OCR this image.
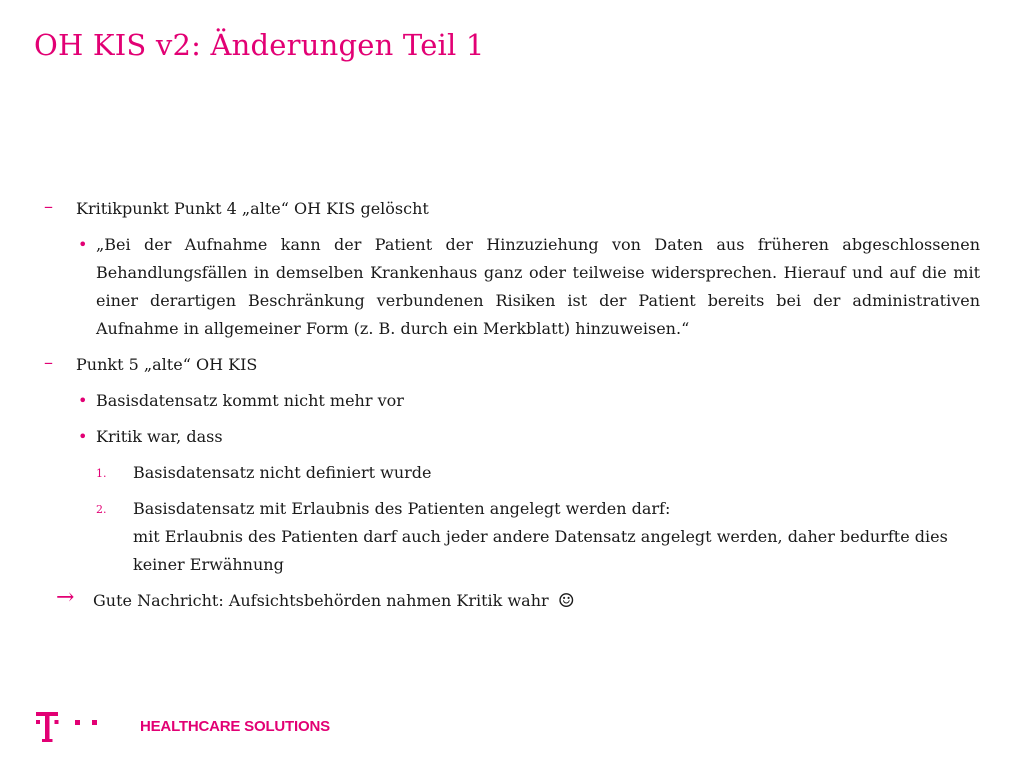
OH KIS v2: Änderungen Teil 1
– Kritikpunkt Punkt 4 „alte“ OH KIS gelöscht
• „Bei der Aufnahme kann der Patient der Hinzuziehung von Daten aus früheren abgeschlossenen Behandlungsfällen in demselben Krankenhaus ganz oder teilweise widersprechen. Hierauf und auf die mit einer derartigen Beschränkung verbundenen Risiken ist der Patient bereits bei der administrativen Aufnahme in allgemeiner Form (z. B. durch ein Merkblatt) hinzuweisen.“
– Punkt 5 „alte“ OH KIS
• Basisdatensatz kommt nicht mehr vor
• Kritik war, dass
1. Basisdatensatz nicht definiert wurde
2. Basisdatensatz mit Erlaubnis des Patienten angelegt werden darf:
mit Erlaubnis des Patienten darf auch jeder andere Datensatz angelegt werden, daher bedurfte dies keiner Erwähnung
→ Gute Nachricht: Aufsichtsbehörden nahmen Kritik wahr ☺
HEALTHCARE SOLUTIONS
